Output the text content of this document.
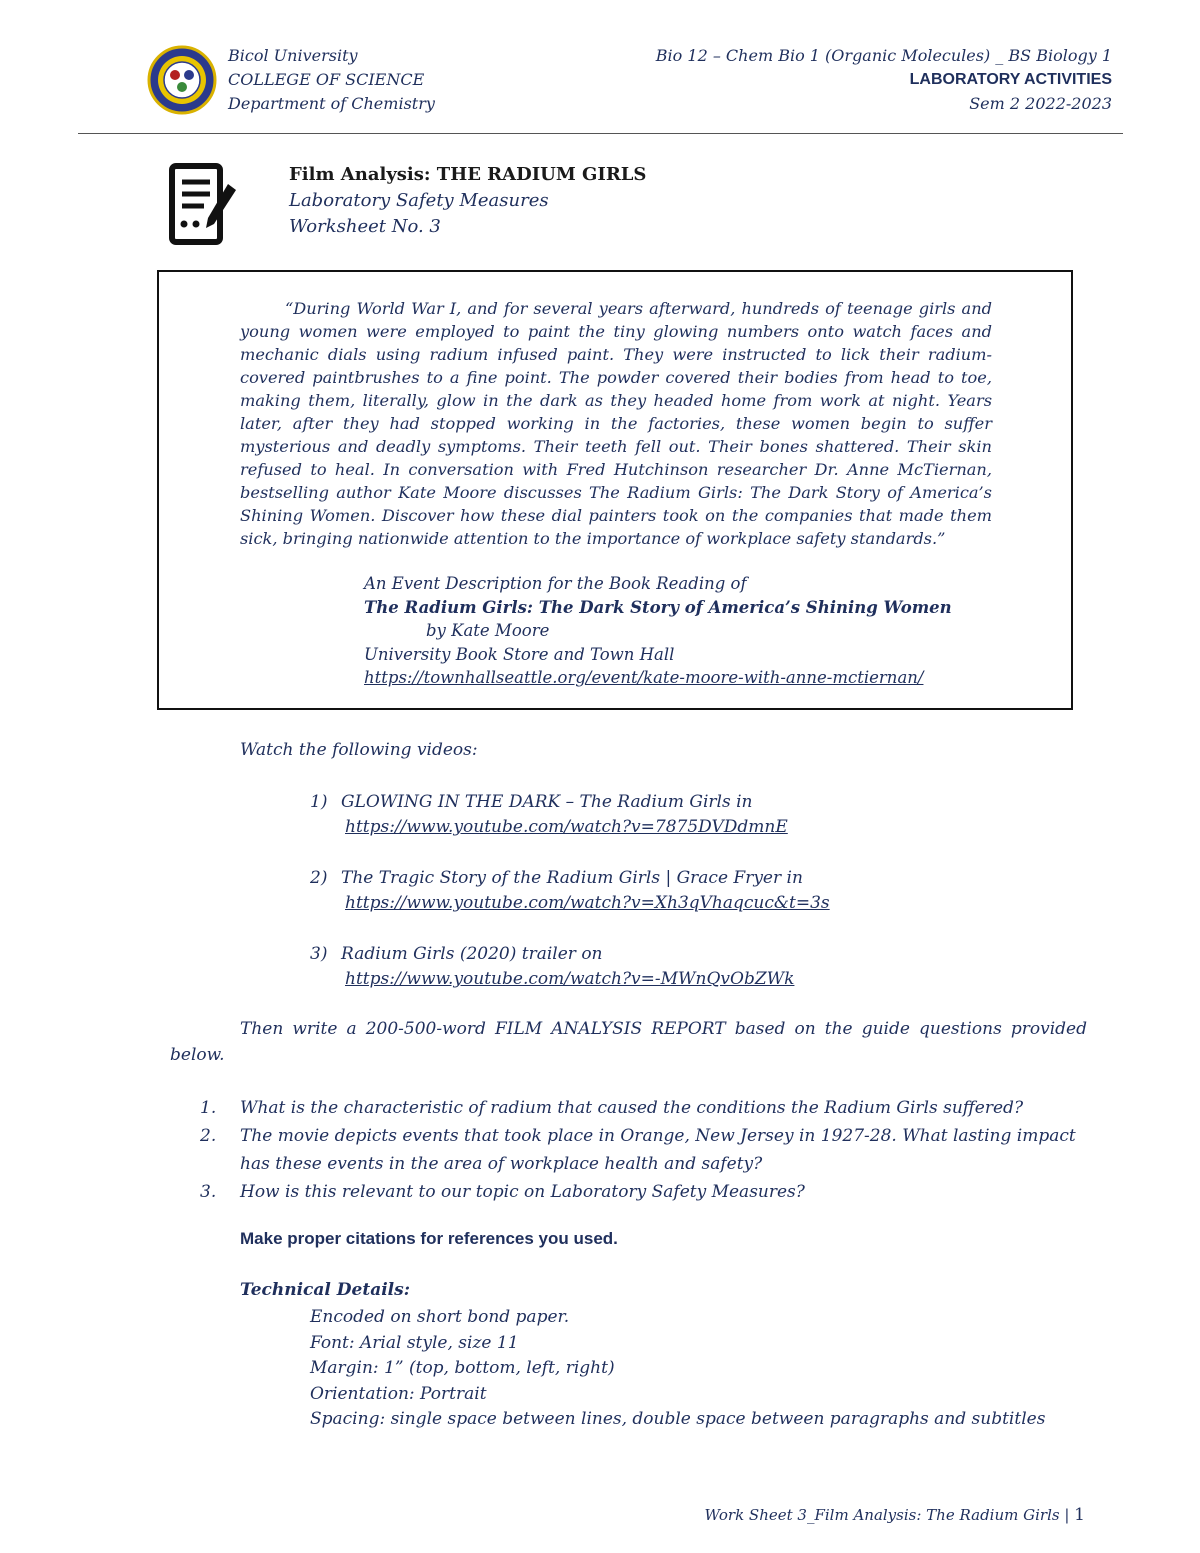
Bicol University
COLLEGE OF SCIENCE
Department of Chemistry
Bio 12 – Chem Bio 1 (Organic Molecules) _ BS Biology 1
LABORATORY ACTIVITIES
Sem 2 2022-2023
Film Analysis: THE RADIUM GIRLS
Laboratory Safety Measures
Worksheet No. 3
“During World War I, and for several years afterward, hundreds of teenage girls and young women were employed to paint the tiny glowing numbers onto watch faces and mechanic dials using radium infused paint. They were instructed to lick their radium-covered paintbrushes to a fine point. The powder covered their bodies from head to toe, making them, literally, glow in the dark as they headed home from work at night. Years later, after they had stopped working in the factories, these women begin to suffer mysterious and deadly symptoms. Their teeth fell out. Their bones shattered. Their skin refused to heal. In conversation with Fred Hutchinson researcher Dr. Anne McTiernan, bestselling author Kate Moore discusses The Radium Girls: The Dark Story of America’s Shining Women. Discover how these dial painters took on the companies that made them sick, bringing nationwide attention to the importance of workplace safety standards.”
An Event Description for the Book Reading of
The Radium Girls: The Dark Story of America’s Shining Women
by Kate Moore
University Book Store and Town Hall
https://townhallseattle.org/event/kate-moore-with-anne-mctiernan/
Watch the following videos:
1) GLOWING IN THE DARK – The Radium Girls in
https://www.youtube.com/watch?v=7875DVDdmnE
2) The Tragic Story of the Radium Girls | Grace Fryer in
https://www.youtube.com/watch?v=Xh3qVhaqcuc&t=3s
3) Radium Girls (2020) trailer on
https://www.youtube.com/watch?v=-MWnQvObZWk
Then write a 200-500-word FILM ANALYSIS REPORT based on the guide questions provided below.
1.	What is the characteristic of radium that caused the conditions the Radium Girls suffered?
2.	The movie depicts events that took place in Orange, New Jersey in 1927-28. What lasting impact has these events in the area of workplace health and safety?
3.	How is this relevant to our topic on Laboratory Safety Measures?
Make proper citations for references you used.
Technical Details:
Encoded on short bond paper.
Font: Arial style, size 11
Margin: 1” (top, bottom, left, right)
Orientation: Portrait
Spacing: single space between lines, double space between paragraphs and subtitles
Work Sheet 3_Film Analysis: The Radium Girls | 1
